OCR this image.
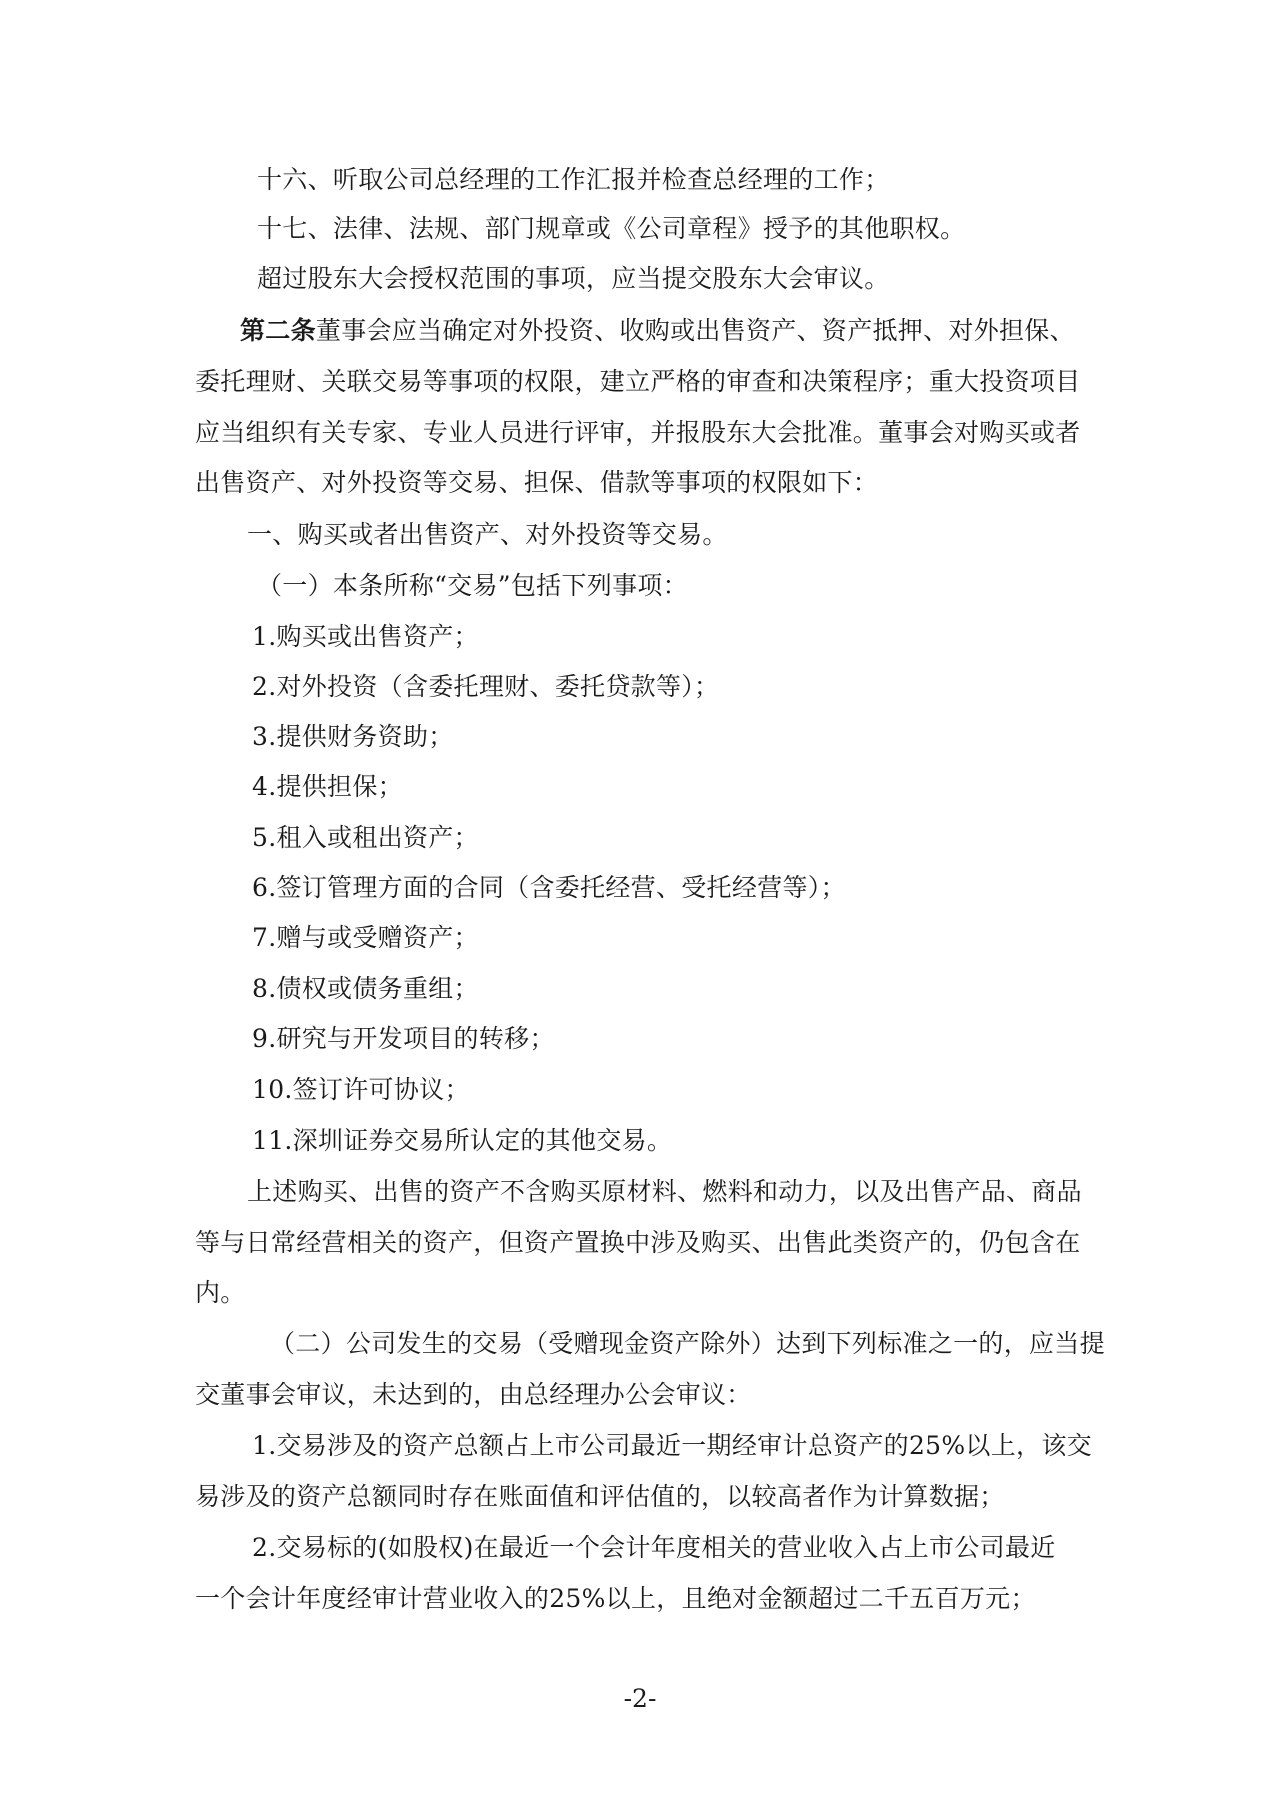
十六、听取公司总经理的工作汇报并检查总经理的工作；
十七、法律、法规、部门规章或《公司章程》授予的其他职权。
超过股东大会授权范围的事项，应当提交股东大会审议。
第二条董事会应当确定对外投资、收购或出售资产、资产抵押、对外担保、
委托理财、关联交易等事项的权限，建立严格的审查和决策程序；重大投资项目
应当组织有关专家、专业人员进行评审，并报股东大会批准。董事会对购买或者
出售资产、对外投资等交易、担保、借款等事项的权限如下：
一、购买或者出售资产、对外投资等交易。
（一）本条所称“交易”包括下列事项：
1.购买或出售资产；
2.对外投资（含委托理财、委托贷款等）；
3.提供财务资助；
4.提供担保；
5.租入或租出资产；
6.签订管理方面的合同（含委托经营、受托经营等）；
7.赠与或受赠资产；
8.债权或债务重组；
9.研究与开发项目的转移；
10.签订许可协议；
11.深圳证券交易所认定的其他交易。
上述购买、出售的资产不含购买原材料、燃料和动力，以及出售产品、商品
等与日常经营相关的资产，但资产置换中涉及购买、出售此类资产的，仍包含在
内。
（二）公司发生的交易（受赠现金资产除外）达到下列标准之一的，应当提
交董事会审议，未达到的，由总经理办公会审议：
1.交易涉及的资产总额占上市公司最近一期经审计总资产的25%以上，该交
易涉及的资产总额同时存在账面值和评估值的，以较高者作为计算数据；
2.交易标的(如股权)在最近一个会计年度相关的营业收入占上市公司最近
一个会计年度经审计营业收入的25%以上，且绝对金额超过二千五百万元；
-2-
